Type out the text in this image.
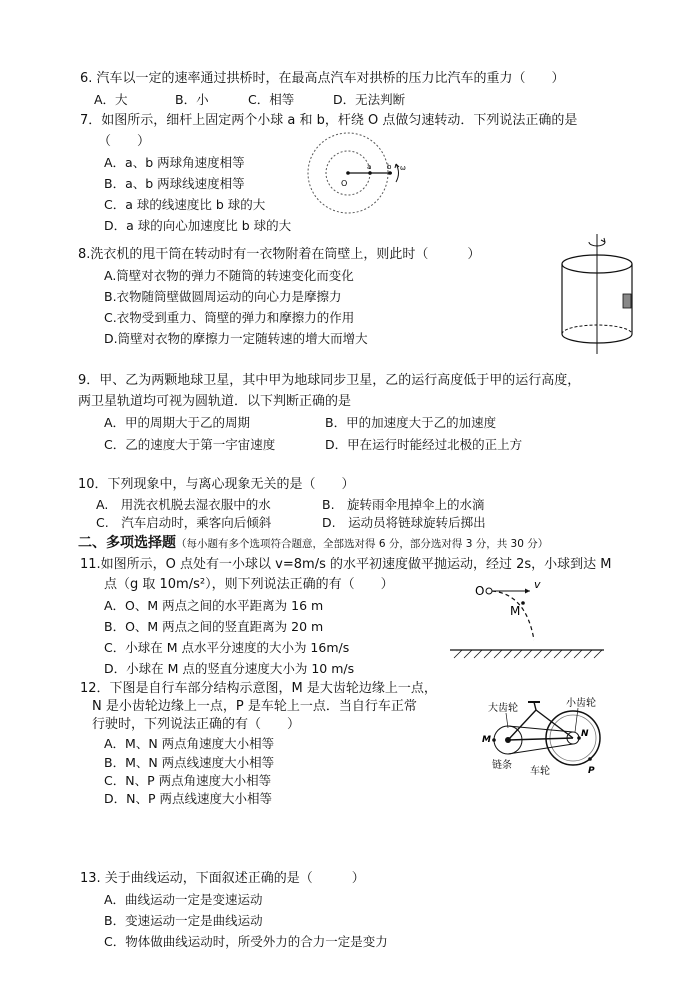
6. 汽车以一定的速率通过拱桥时，在最高点汽车对拱桥的压力比汽车的重力（　　）
A．大	B．小	C．相等	D．无法判断
7．如图所示，细杆上固定两个小球 a 和 b，杆绕 O 点做匀速转动．下列说法正确的是
（　　）
A．a、b 两球角速度相等
B．a、b 两球线速度相等
C．a 球的线速度比 b 球的大
D．a 球的向心加速度比 b 球的大
O
a b ω
8.洗衣机的甩干筒在转动时有一衣物附着在筒壁上，则此时（　　　）
A.筒壁对衣物的弹力不随筒的转速变化而变化
B.衣物随筒壁做圆周运动的向心力是摩擦力
C.衣物受到重力、筒壁的弹力和摩擦力的作用
D.筒壁对衣物的摩擦力一定随转速的增大而增大
9．甲、乙为两颗地球卫星，其中甲为地球同步卫星，乙的运行高度低于甲的运行高度，
两卫星轨道均可视为圆轨道．以下判断正确的是
A．甲的周期大于乙的周期	B．甲的加速度大于乙的加速度
C．乙的速度大于第一宇宙速度	D．甲在运行时能经过北极的正上方
10．下列现象中，与离心现象无关的是（　　）
A.　用洗衣机脱去湿衣服中的水	B.　旋转雨伞甩掉伞上的水滴
C.　汽车启动时，乘客向后倾斜	D.　运动员将链球旋转后掷出
二、多项选择题（每小题有多个选项符合题意，全部选对得 6 分，部分选对得 3 分，共 30 分）
11.如图所示，O 点处有一小球以 v=8m/s 的水平初速度做平抛运动，经过 2s，小球到达 M
点（g 取 10m/s²），则下列说法正确的有（　　）
A．O、M 两点之间的水平距离为 16 m
B．O、M 两点之间的竖直距离为 20 m
C．小球在 M 点水平分速度的大小为 16m/s
D．小球在 M 点的竖直分速度大小为 10 m/s
O	v
M
12．下图是自行车部分结构示意图，M 是大齿轮边缘上一点，
N 是小齿轮边缘上一点，P 是车轮上一点．当自行车正常
行驶时，下列说法正确的有（　　）
A．M、N 两点角速度大小相等
B．M、N 两点线速度大小相等
C．N、P 两点角速度大小相等
D．N、P 两点线速度大小相等
大齿轮	小齿轮
M
N
P
链条
车轮
13. 关于曲线运动，下面叙述正确的是（　　　）
A．曲线运动一定是变速运动
B．变速运动一定是曲线运动
C．物体做曲线运动时，所受外力的合力一定是变力
